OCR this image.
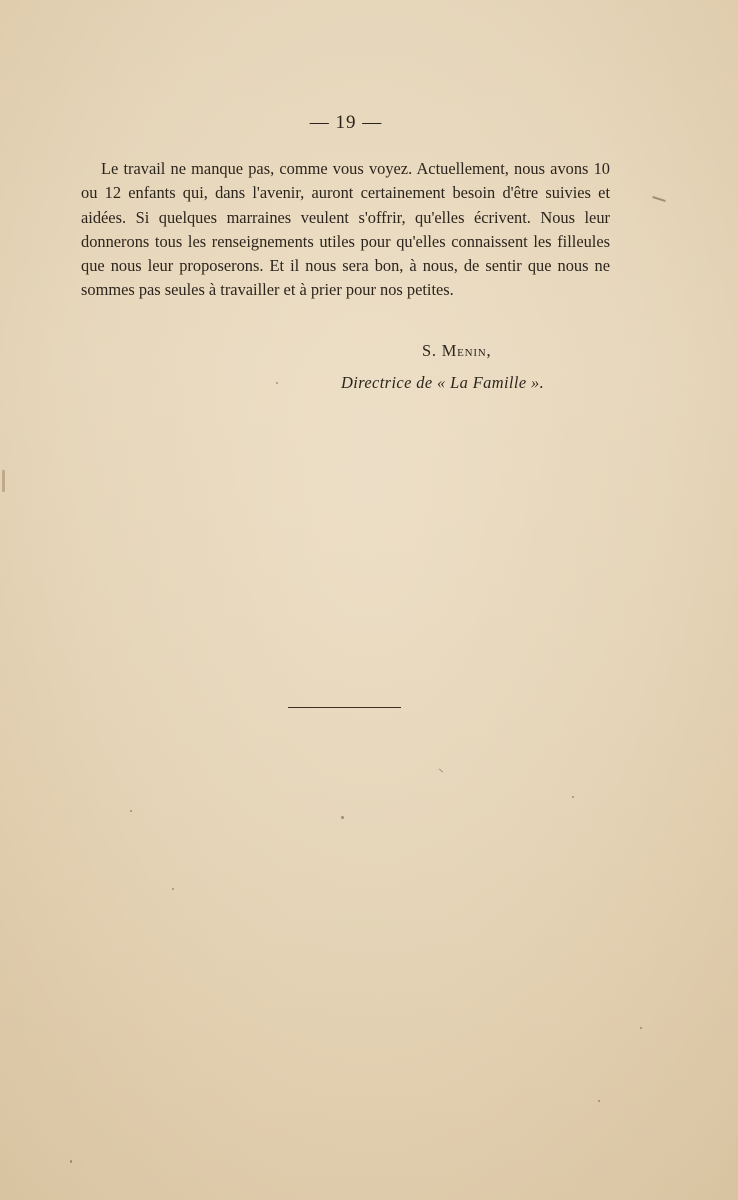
— 19 —

Le travail ne manque pas, comme vous voyez. Actuellement, nous avons 10 ou 12 enfants qui, dans l'avenir, auront certainement besoin d'être suivies et aidées. Si quelques marraines veulent s'offrir, qu'elles écrivent. Nous leur donnerons tous les renseignements utiles pour qu'elles connaissent les filleules que nous leur proposerons. Et il nous sera bon, à nous, de sentir que nous ne sommes pas seules à travailler et à prier pour nos petites.

S. Menin,
Directrice de « La Famille ».
